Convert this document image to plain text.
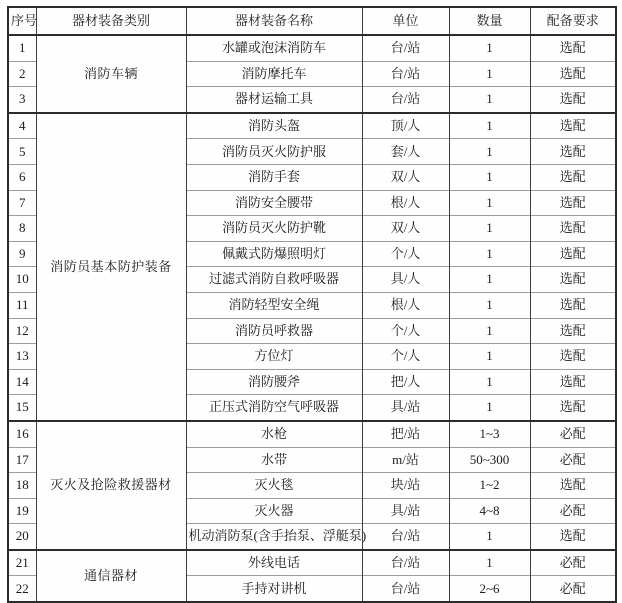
序号	器材装备类别	器材装备名称	单位	数量	配备要求
1	消防车辆	水罐或泡沫消防车	台/站	1	选配
2		消防摩托车	台/站	1	选配
3		器材运输工具	台/站	1	选配
4	消防员基本防护装备	消防头盔	顶/人	1	选配
5		消防员灭火防护服	套/人	1	选配
6		消防手套	双/人	1	选配
7		消防安全腰带	根/人	1	选配
8		消防员灭火防护靴	双/人	1	选配
9		佩戴式防爆照明灯	个/人	1	选配
10		过滤式消防自救呼吸器	具/人	1	选配
11		消防轻型安全绳	根/人	1	选配
12		消防员呼救器	个/人	1	选配
13		方位灯	个/人	1	选配
14		消防腰斧	把/人	1	选配
15		正压式消防空气呼吸器	具/站	1	选配
16	灭火及抢险救援器材	水枪	把/站	1~3	必配
17		水带	m/站	50~300	必配
18		灭火毯	块/站	1~2	选配
19		灭火器	具/站	4~8	必配
20		机动消防泵(含手抬泵、浮艇泵)	台/站	1	选配
21	通信器材	外线电话	台/站	1	必配
22		手持对讲机	台/站	2~6	必配
